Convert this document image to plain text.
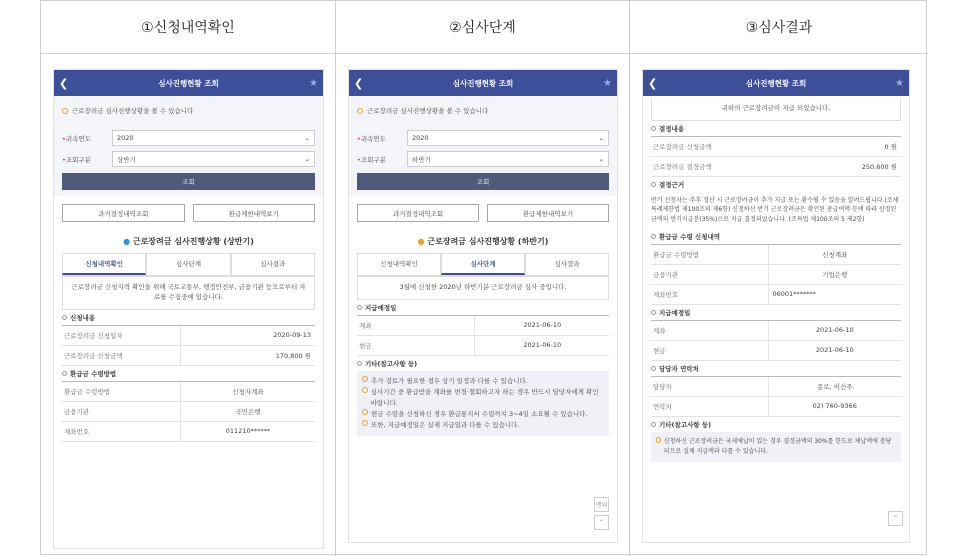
①신청내역확인
❮	심사진행현황 조회	★
근로장려금 심사진행상황을 볼 수 있습니다
•귀속연도	2020	⌄
•조회구분	상반기	⌄
조회
과거결정내역조회	환급제한내역보기
● 근로장려금 심사진행상황 (상반기)
신청내역확인	심사단계	심사결과
근로장려금 신청자격 확인을 위해 국토교통부, 행정안전부, 금융기관 등으로부터 자료를 수집중에 있습니다.
신청내용
근로장려금 신청일자	2020-09-13
근로장려금 신청금액	170,800 원
환급금 수령방법
환급금 수령방법	신청자계좌
금융기관	국민은행
계좌번호	011210******
②심사단계
❮	심사진행현황 조회	★
근로장려금 심사진행상황을 볼 수 있습니다
•귀속연도	2020	⌄
•조회구분	하반기	⌄
조회
과거결정내역조회	환급제한내역보기
● 근로장려금 심사진행상황 (하반기)
신청내역확인	심사단계	심사결과
3월에 신청한 2020년 하반기분 근로장려금 심사 중입니다.
지급예정일
계좌	2021-06-10
현금	2021-06-10
기타(참고사항 등)
추가 검토가 필요한 경우 상기 일정과 다를 수 있습니다.
심사기간 중 환급받을 계좌를 변경·철회하고자 하는 경우 반드시 담당자에게 확인 바랍니다.
현금 수령을 신청하신 경우 환급통지서 수령까지 3~4일 소요될 수 있습니다.
또한, 지급예정일은 실제 지급일과 다를 수 있습니다.
맨위
⌃
③심사결과
❮	심사진행현황 조회	★
귀하의 근로장려금이 지급 되었습니다.
결정내용
근로장려금 신청금액	0 원
근로장려금 결정금액	250,600 원
결정근거
반기 신청자는 추후 정산 시 근로장려금이 추가 지급 또는 환수될 수 있음을 알려드립니다.(조세특례제한법 제100조의 제6항) 신청하신 반기 근로장려금은 확인된 총급여액 등에 따라 산정된 금액의 반기지급분(35%)으로 지급 결정되었습니다. (조특법 제100조의 5 제2항)
환급금 수령 신청내역
환급금 수령방법	신청계좌
금융기관	기업은행
계좌번호	06001*******
지급예정일
계좌	2021-06-10
현금	2021-06-10
담당자 연락처
담당자	종로, 이선주
연락처	02) 760-9366
기타(참고사항 등)
신청하신 근로장려금은 국세체납이 있는 경우 결정금액의 30%를 한도로 체납액에 충당되므로 실제 지급액과 다를 수 있습니다.
⌃
